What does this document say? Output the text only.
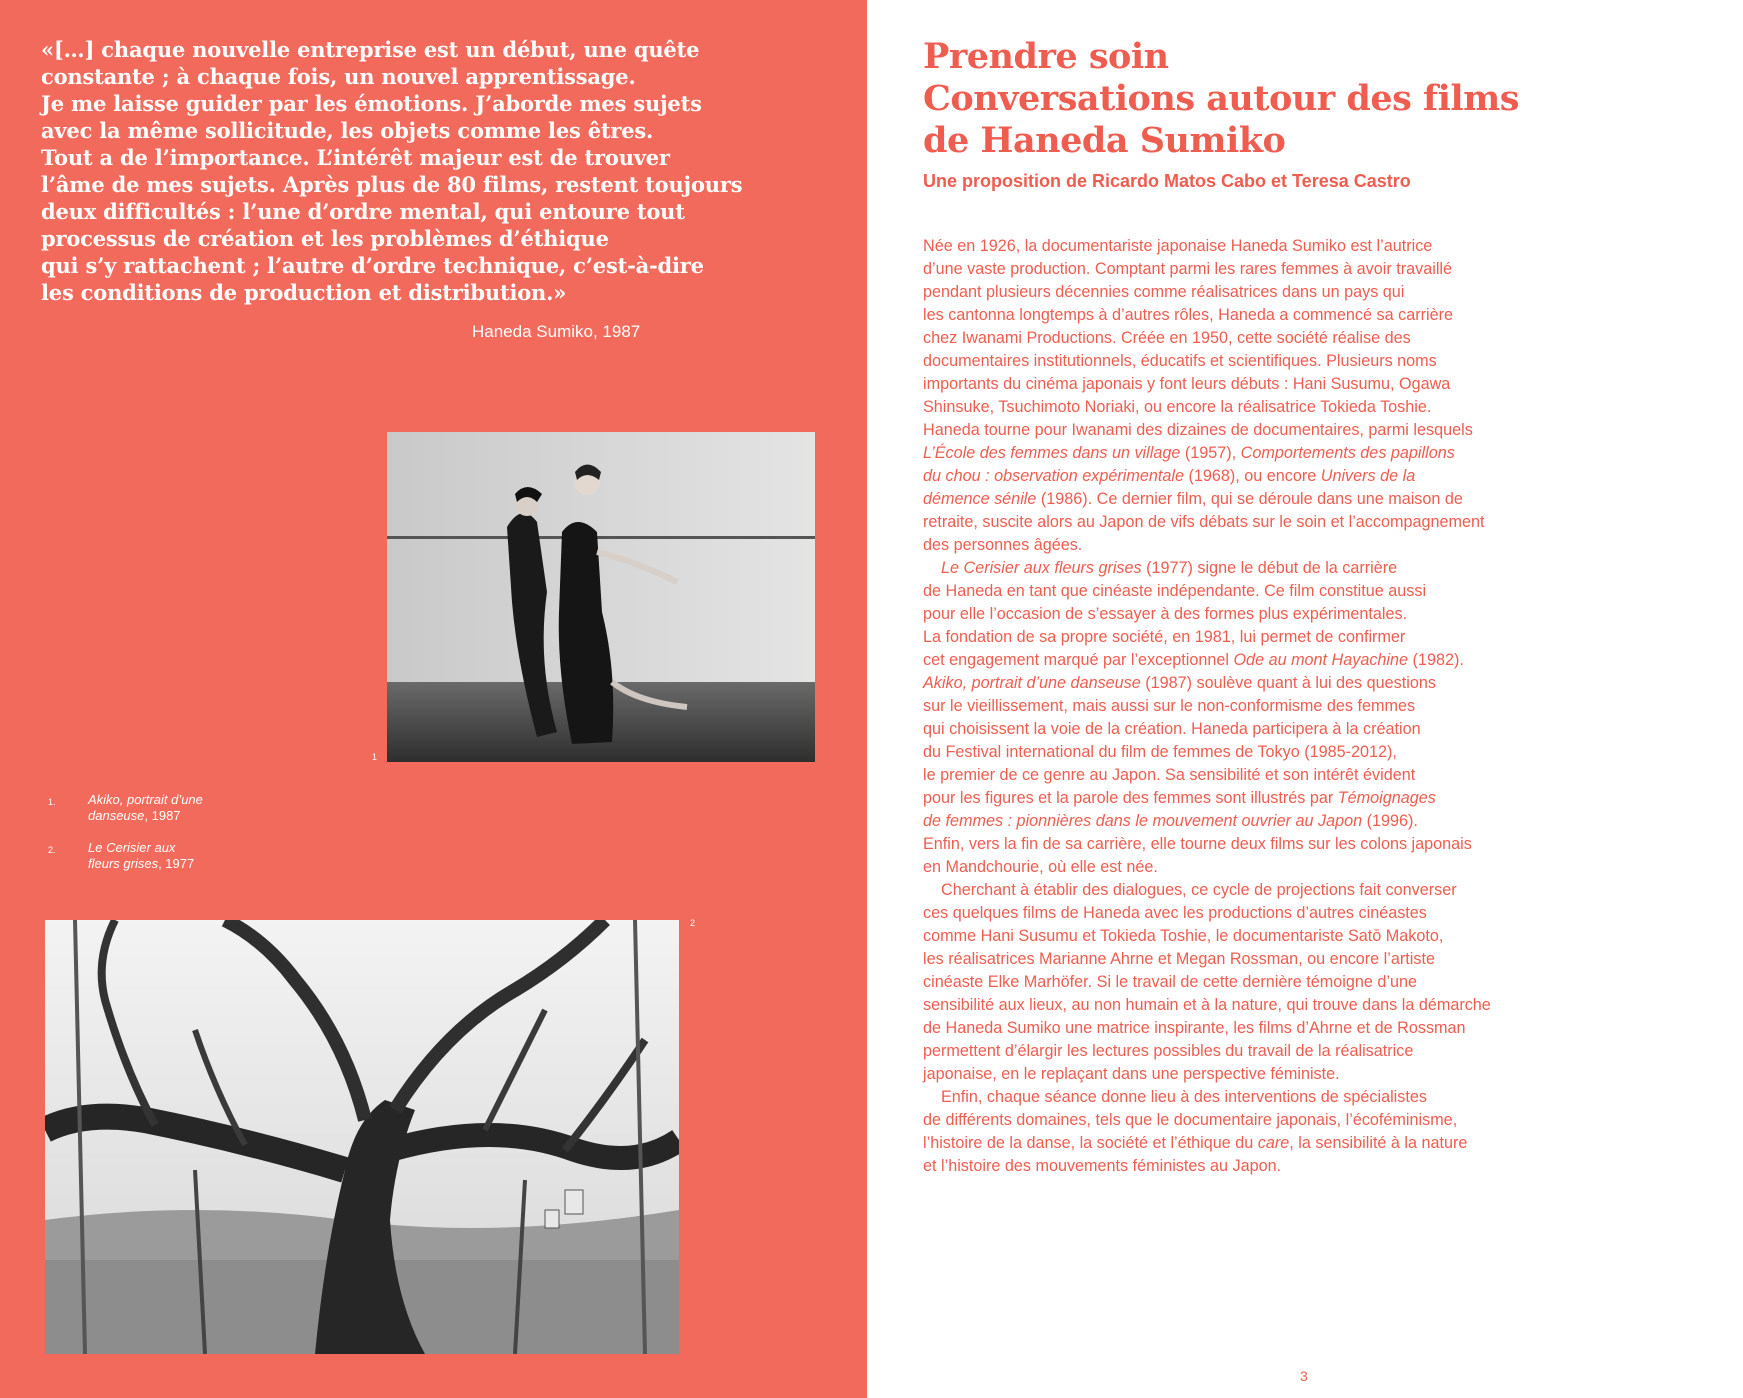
«[…] chaque nouvelle entreprise est un début, une quête
constante ; à chaque fois, un nouvel apprentissage.
Je me laisse guider par les émotions. J’aborde mes sujets
avec la même sollicitude, les objets comme les êtres.
Tout a de l’importance. L’intérêt majeur est de trouver
l’âme de mes sujets. Après plus de 80 films, restent toujours
deux difficultés : l’une d’ordre mental, qui entoure tout
processus de création et les problèmes d’éthique
qui s’y rattachent ; l’autre d’ordre technique, c’est-à-dire
les conditions de production et distribution.»

Haneda Sumiko, 1987
1
1. Akiko, portrait d’une
danseuse, 1987
2. Le Cerisier aux
fleurs grises, 1977
2
Prendre soin
Conversations autour des films
de Haneda Sumiko
Une proposition de Ricardo Matos Cabo et Teresa Castro
Née en 1926, la documentariste japonaise Haneda Sumiko est l’autrice
d’une vaste production. Comptant parmi les rares femmes à avoir travaillé
pendant plusieurs décennies comme réalisatrices dans un pays qui
les cantonna longtemps à d’autres rôles, Haneda a commencé sa carrière
chez Iwanami Productions. Créée en 1950, cette société réalise des
documentaires institutionnels, éducatifs et scientifiques. Plusieurs noms
importants du cinéma japonais y font leurs débuts : Hani Susumu, Ogawa
Shinsuke, Tsuchimoto Noriaki, ou encore la réalisatrice Tokieda Toshie.
Haneda tourne pour Iwanami des dizaines de documentaires, parmi lesquels
L’École des femmes dans un village (1957), Comportements des papillons
du chou : observation expérimentale (1968), ou encore Univers de la
démence sénile (1986). Ce dernier film, qui se déroule dans une maison de
retraite, suscite alors au Japon de vifs débats sur le soin et l’accompagnement
des personnes âgées.
Le Cerisier aux fleurs grises (1977) signe le début de la carrière
de Haneda en tant que cinéaste indépendante. Ce film constitue aussi
pour elle l’occasion de s’essayer à des formes plus expérimentales.
La fondation de sa propre société, en 1981, lui permet de confirmer
cet engagement marqué par l’exceptionnel Ode au mont Hayachine (1982).
Akiko, portrait d’une danseuse (1987) soulève quant à lui des questions
sur le vieillissement, mais aussi sur le non-conformisme des femmes
qui choisissent la voie de la création. Haneda participera à la création
du Festival international du film de femmes de Tokyo (1985-2012),
le premier de ce genre au Japon. Sa sensibilité et son intérêt évident
pour les figures et la parole des femmes sont illustrés par Témoignages
de femmes : pionnières dans le mouvement ouvrier au Japon (1996).
Enfin, vers la fin de sa carrière, elle tourne deux films sur les colons japonais
en Mandchourie, où elle est née.
Cherchant à établir des dialogues, ce cycle de projections fait converser
ces quelques films de Haneda avec les productions d’autres cinéastes
comme Hani Susumu et Tokieda Toshie, le documentariste Satō Makoto,
les réalisatrices Marianne Ahrne et Megan Rossman, ou encore l’artiste
cinéaste Elke Marhöfer. Si le travail de cette dernière témoigne d’une
sensibilité aux lieux, au non humain et à la nature, qui trouve dans la démarche
de Haneda Sumiko une matrice inspirante, les films d’Ahrne et de Rossman
permettent d’élargir les lectures possibles du travail de la réalisatrice
japonaise, en le replaçant dans une perspective féministe.
Enfin, chaque séance donne lieu à des interventions de spécialistes
de différents domaines, tels que le documentaire japonais, l’écoféminisme,
l’histoire de la danse, la société et l’éthique du care, la sensibilité à la nature
et l’histoire des mouvements féministes au Japon.
3
